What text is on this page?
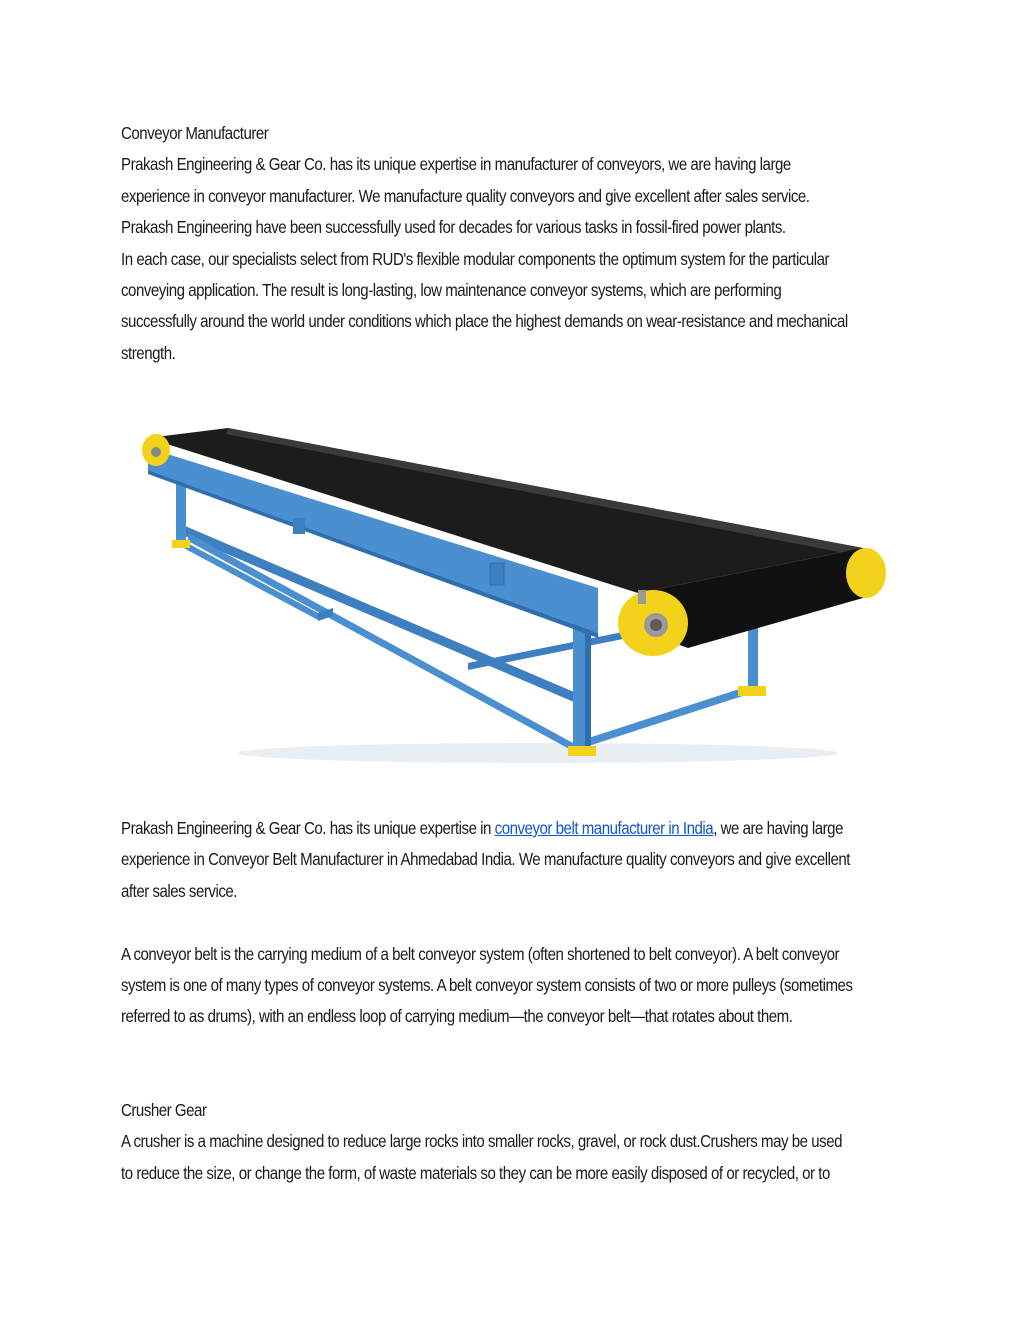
Conveyor Manufacturer

Prakash Engineering & Gear Co. has its unique expertise in manufacturer of conveyors, we are having large

experience in conveyor manufacturer. We manufacture quality conveyors and give excellent after sales service.

Prakash Engineering have been successfully used for decades for various tasks in fossil-fired power plants.

In each case, our specialists select from RUD's flexible modular components the optimum system for the particular

conveying application. The result is long-lasting, low maintenance conveyor systems, which are performing

successfully around the world under conditions which place the highest demands on wear-resistance and mechanical

strength.

Prakash Engineering & Gear Co. has its unique expertise in conveyor belt manufacturer in India, we are having large

experience in Conveyor Belt Manufacturer in Ahmedabad India. We manufacture quality conveyors and give excellent

after sales service.

A conveyor belt is the carrying medium of a belt conveyor system (often shortened to belt conveyor). A belt conveyor

system is one of many types of conveyor systems. A belt conveyor system consists of two or more pulleys (sometimes

referred to as drums), with an endless loop of carrying medium—the conveyor belt—that rotates about them.

Crusher Gear

A crusher is a machine designed to reduce large rocks into smaller rocks, gravel, or rock dust.Crushers may be used

to reduce the size, or change the form, of waste materials so they can be more easily disposed of or recycled, or to
